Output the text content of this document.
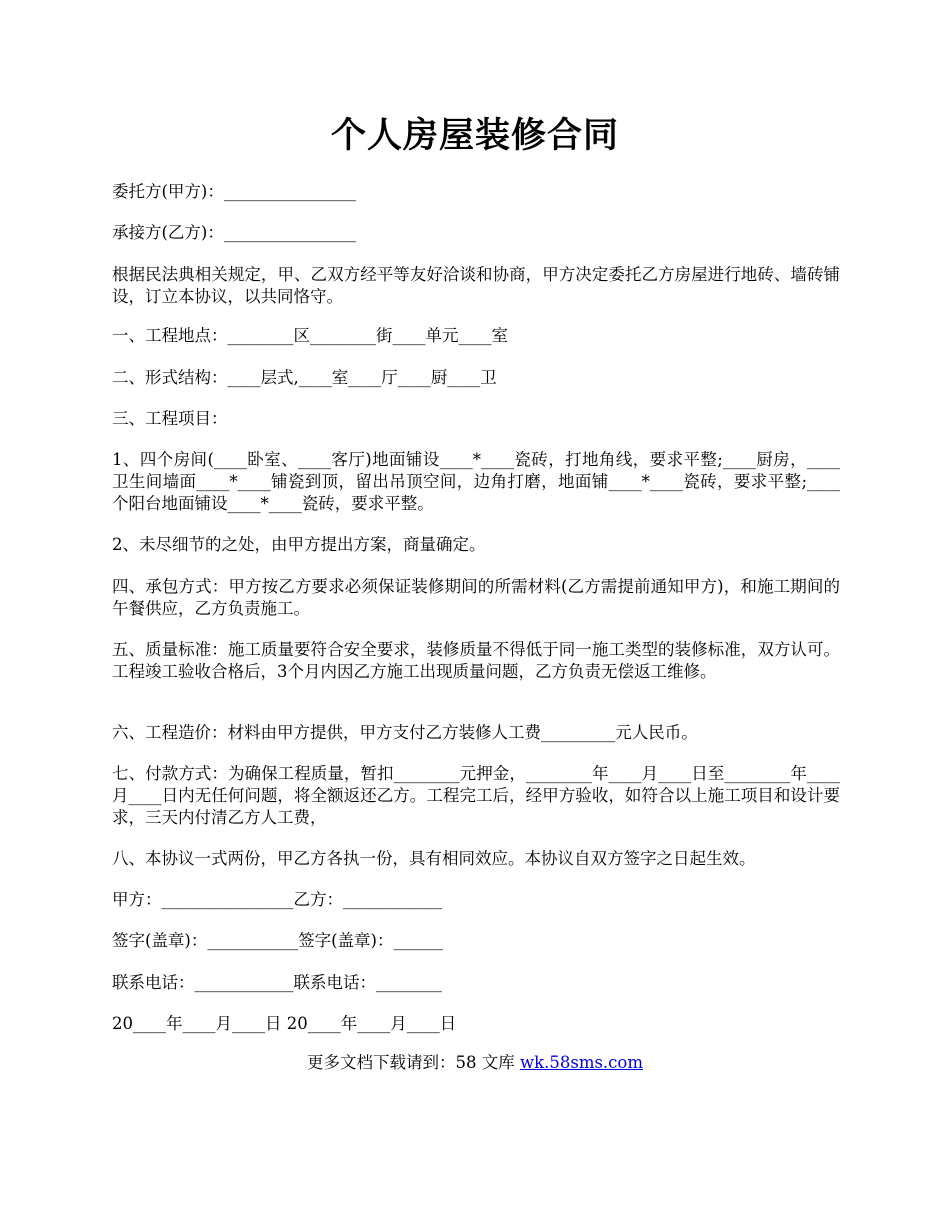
个人房屋装修合同
委托方(甲方)：________________
承接方(乙方)：________________
根据民法典相关规定，甲、乙双方经平等友好洽谈和协商，甲方决定委托乙方房屋进行地砖、墙砖铺设，订立本协议，以共同恪守。
一、工程地点：________区________街____单元____室
二、形式结构：____层式,____室____厅____厨____卫
三、工程项目：
1、四个房间(____卧室、____客厅)地面铺设____*____瓷砖，打地角线，要求平整;____厨房，____卫生间墙面____*____铺瓷到顶，留出吊顶空间，边角打磨，地面铺____*____瓷砖，要求平整;____个阳台地面铺设____*____瓷砖，要求平整。
2、未尽细节的之处，由甲方提出方案，商量确定。
四、承包方式：甲方按乙方要求必须保证装修期间的所需材料(乙方需提前通知甲方)，和施工期间的午餐供应，乙方负责施工。
五、质量标准：施工质量要符合安全要求，装修质量不得低于同一施工类型的装修标准，双方认可。工程竣工验收合格后，3个月内因乙方施工出现质量问题，乙方负责无偿返工维修。
六、工程造价：材料由甲方提供，甲方支付乙方装修人工费_________元人民币。
七、付款方式：为确保工程质量，暂扣________元押金，________年____月____日至________年____月____日内无任何问题，将全额返还乙方。工程完工后，经甲方验收，如符合以上施工项目和设计要求，三天内付清乙方人工费，
八、本协议一式两份，甲乙方各执一份，具有相同效应。本协议自双方签字之日起生效。
甲方：________________乙方：____________
签字(盖章)：___________签字(盖章)：______
联系电话：____________联系电话：________
20____年____月____日 20____年____月____日
更多文档下载请到：58 文库 wk.58sms.com
